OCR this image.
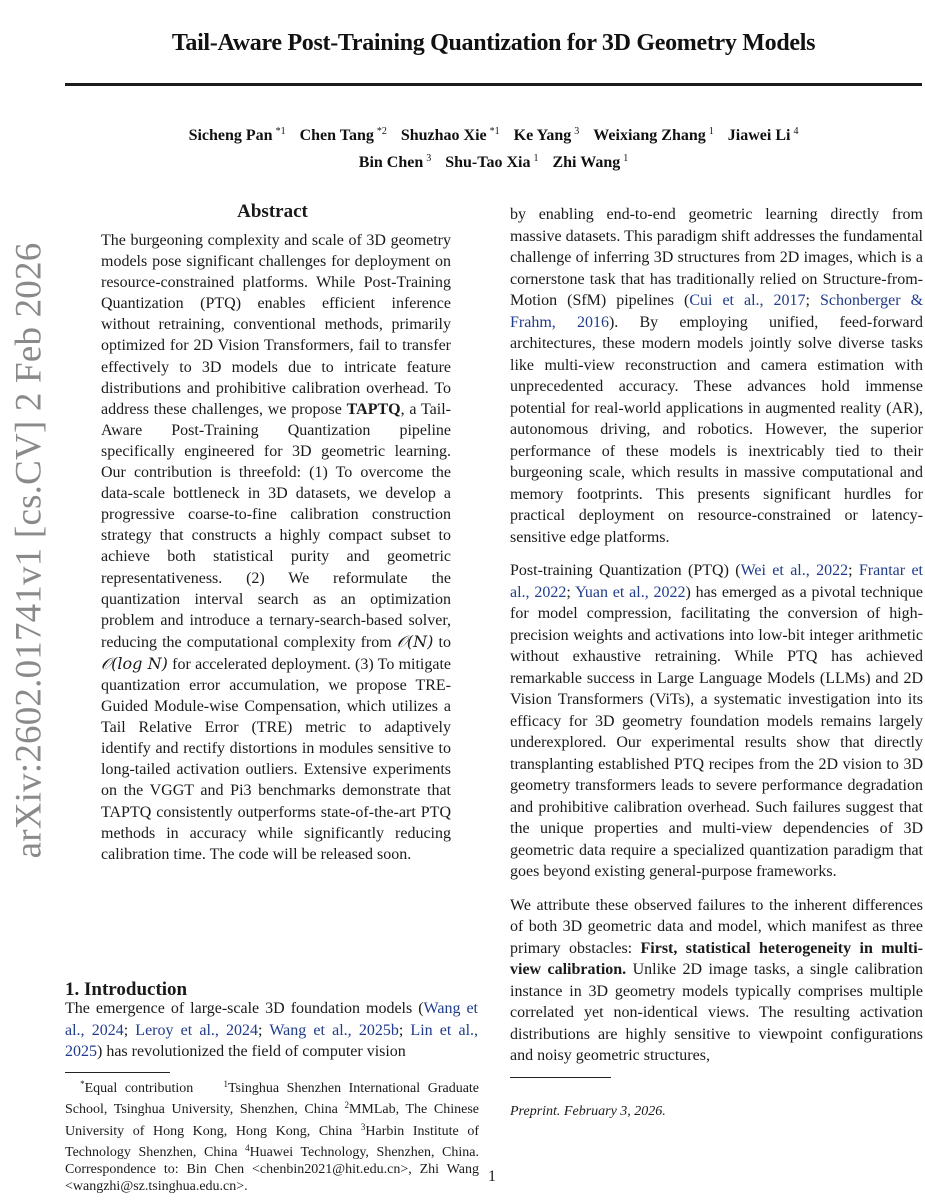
arXiv:2602.01741v1 [cs.CV] 2 Feb 2026
Tail-Aware Post-Training Quantization for 3D Geometry Models
Sicheng Pan $^{*1}$ Chen Tang $^{*2}$ Shuzhao Xie $^{*1}$ Ke Yang $^3$ Weixiang Zhang $^1$ Jiawei Li $^4$
Bin Chen $^3$ Shu-Tao Xia $^1$ Zhi Wang $^1$
Abstract

The burgeoning complexity and scale of 3D geometry models pose significant challenges for deployment on resource-constrained platforms. While Post-Training Quantization (PTQ) enables efficient inference without retraining, conventional methods, primarily optimized for 2D Vision Transformers, fail to transfer effectively to 3D models due to intricate feature distributions and prohibitive calibration overhead. To address these challenges, we propose TAPTQ, a Tail-Aware Post-Training Quantization pipeline specifically engineered for 3D geometric learning. Our contribution is threefold: (1) To overcome the data-scale bottleneck in 3D datasets, we develop a progressive coarse-to-fine calibration construction strategy that constructs a highly compact subset to achieve both statistical purity and geometric representativeness. (2) We reformulate the quantization interval search as an optimization problem and introduce a ternary-search-based solver, reducing the computational complexity from 𝒪(N) to 𝒪(log N) for accelerated deployment. (3) To mitigate quantization error accumulation, we propose TRE-Guided Module-wise Compensation, which utilizes a Tail Relative Error (TRE) metric to adaptively identify and rectify distortions in modules sensitive to long-tailed activation outliers. Extensive experiments on the VGGT and Pi3 benchmarks demonstrate that TAPTQ consistently outperforms state-of-the-art PTQ methods in accuracy while significantly reducing calibration time. The code will be released soon.

1. Introduction

The emergence of large-scale 3D foundation models (Wang et al., 2024; Leroy et al., 2024; Wang et al., 2025b; Lin et al., 2025) has revolutionized the field of computer vision

*Equal contribution	$^1$Tsinghua Shenzhen International Graduate School, Tsinghua University, Shenzhen, China $^2$MMLab, The Chinese University of Hong Kong, Hong Kong, China $^3$Harbin Institute of Technology Shenzhen, China $^4$Huawei Technology, Shenzhen, China. Correspondence to: Bin Chen <chenbin2021@hit.edu.cn>, Zhi Wang <wangzhi@sz.tsinghua.edu.cn>.

by enabling end-to-end geometric learning directly from massive datasets. This paradigm shift addresses the fundamental challenge of inferring 3D structures from 2D images, which is a cornerstone task that has traditionally relied on Structure-from-Motion (SfM) pipelines (Cui et al., 2017; Schonberger & Frahm, 2016). By employing unified, feed-forward architectures, these modern models jointly solve diverse tasks like multi-view reconstruction and camera estimation with unprecedented accuracy. These advances hold immense potential for real-world applications in augmented reality (AR), autonomous driving, and robotics. However, the superior performance of these models is inextricably tied to their burgeoning scale, which results in massive computational and memory footprints. This presents significant hurdles for practical deployment on resource-constrained or latency-sensitive edge platforms.

Post-training Quantization (PTQ) (Wei et al., 2022; Frantar et al., 2022; Yuan et al., 2022) has emerged as a pivotal technique for model compression, facilitating the conversion of high-precision weights and activations into low-bit integer arithmetic without exhaustive retraining. While PTQ has achieved remarkable success in Large Language Models (LLMs) and 2D Vision Transformers (ViTs), a systematic investigation into its efficacy for 3D geometry foundation models remains largely underexplored. Our experimental results show that directly transplanting established PTQ recipes from the 2D vision to 3D geometry transformers leads to severe performance degradation and prohibitive calibration overhead. Such failures suggest that the unique properties and multi-view dependencies of 3D geometric data require a specialized quantization paradigm that goes beyond existing general-purpose frameworks.

We attribute these observed failures to the inherent differences of both 3D geometric data and model, which manifest as three primary obstacles: First, statistical heterogeneity in multi-view calibration. Unlike 2D image tasks, a single calibration instance in 3D geometry models typically comprises multiple correlated yet non-identical views. The resulting activation distributions are highly sensitive to viewpoint configurations and noisy geometric structures,

Preprint. February 3, 2026.
1
